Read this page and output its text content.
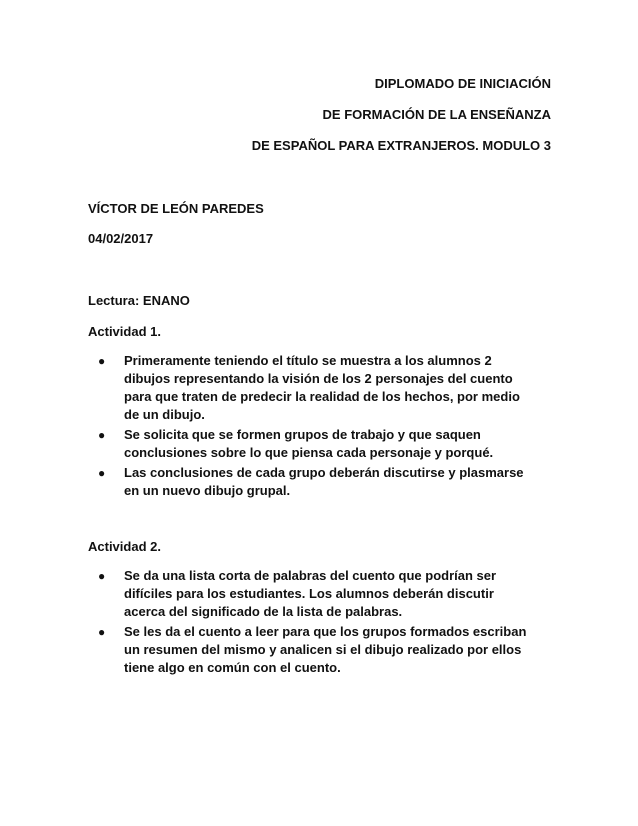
DIPLOMADO DE INICIACIÓN
DE FORMACIÓN DE LA ENSEÑANZA
DE ESPAÑOL PARA EXTRANJEROS. MODULO 3
VÍCTOR DE LEÓN PAREDES
04/02/2017
Lectura: ENANO
Actividad 1.
● Primeramente teniendo el título se muestra a los alumnos 2 dibujos representando la visión de los 2 personajes del cuento para que traten de predecir la realidad de los hechos, por medio de un dibujo.
● Se solicita que se formen grupos de trabajo y que saquen conclusiones sobre lo que piensa cada personaje y porqué.
● Las conclusiones de cada grupo deberán discutirse y plasmarse en un nuevo dibujo grupal.
Actividad 2.
● Se da una lista corta de palabras del cuento que podrían ser difíciles para los estudiantes. Los alumnos deberán discutir acerca del significado de la lista de palabras.
● Se les da el cuento a leer para que los grupos formados escriban un resumen del mismo y analicen si el dibujo realizado por ellos tiene algo en común con el cuento.
